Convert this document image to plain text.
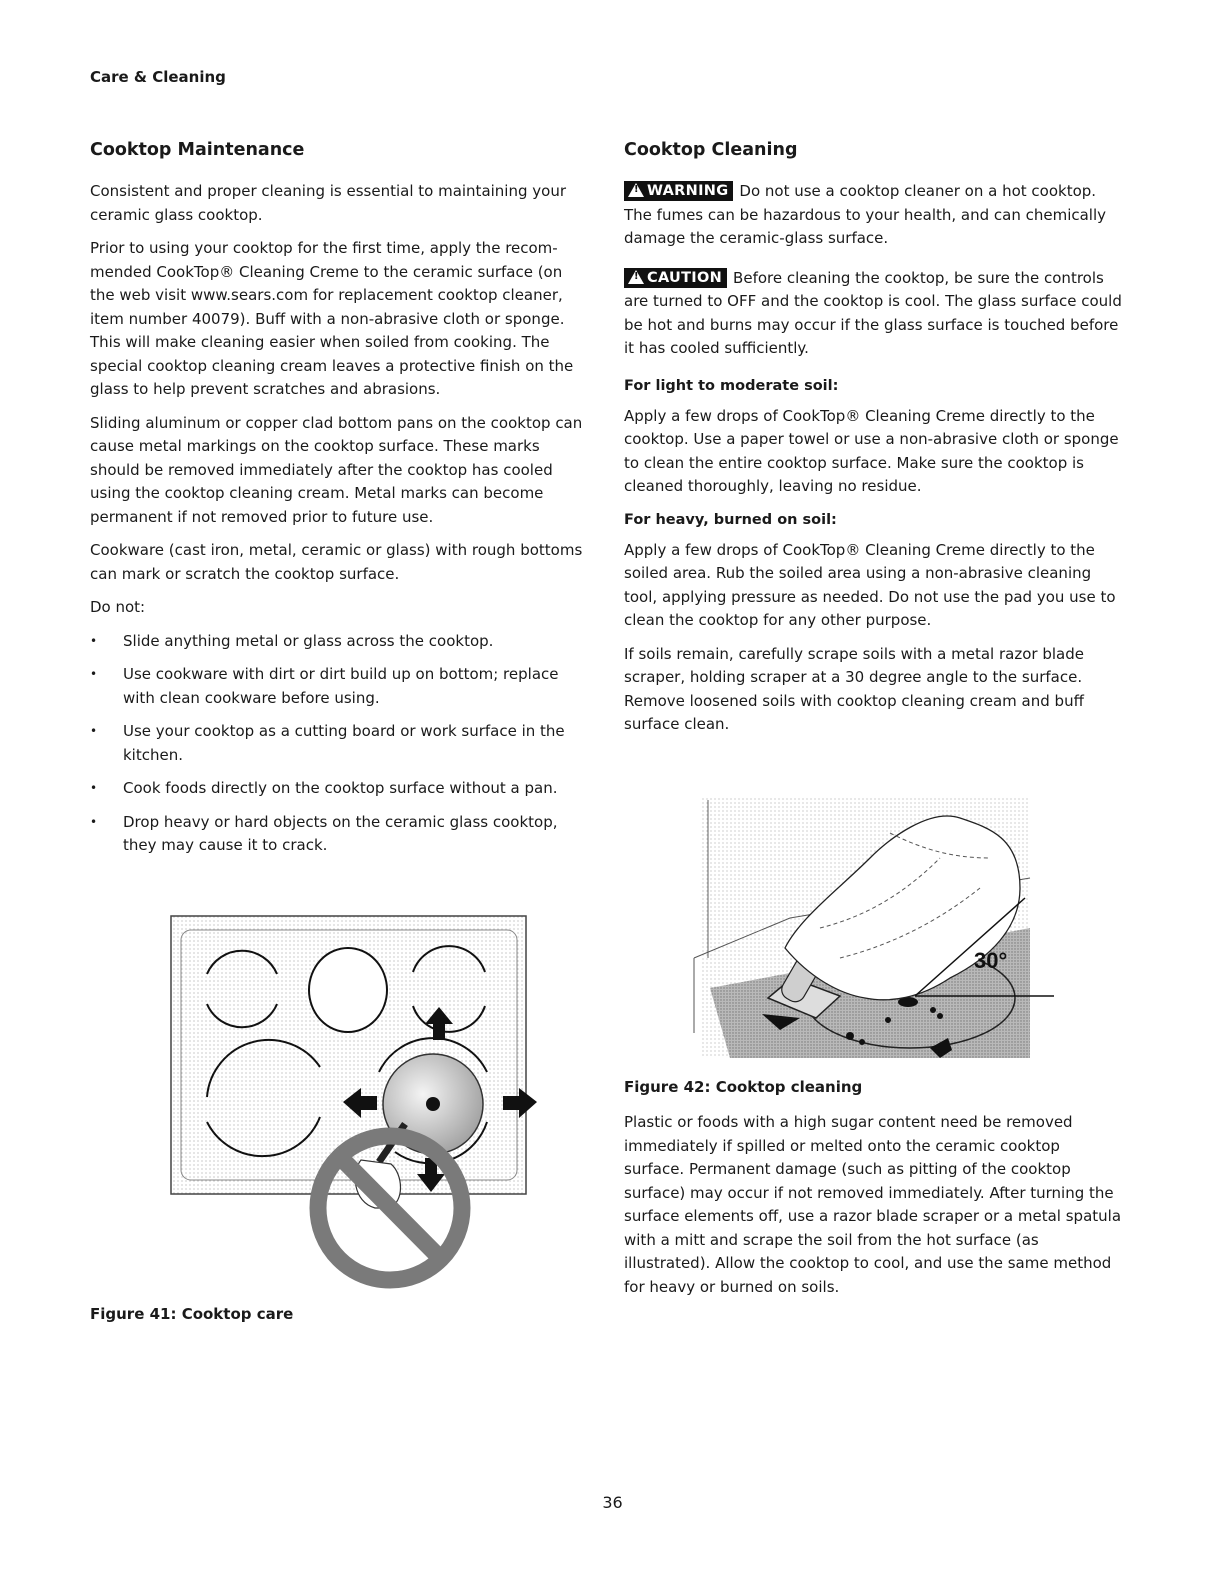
Care & Cleaning
Cooktop Maintenance

Consistent and proper cleaning is essential to maintaining your ceramic glass cooktop.

Prior to using your cooktop for the first time, apply the recom- mended CookTop® Cleaning Creme to the ceramic surface (on the web visit www.sears.com for replacement cooktop cleaner, item number 40079). Buff with a non-abrasive cloth or sponge. This will make cleaning easier when soiled from cooking. The special cooktop cleaning cream leaves a protective finish on the glass to help prevent scratches and abrasions.

Sliding aluminum or copper clad bottom pans on the cooktop can cause metal markings on the cooktop surface. These marks should be removed immediately after the cooktop has cooled using the cooktop cleaning cream. Metal marks can become permanent if not removed prior to future use.

Cookware (cast iron, metal, ceramic or glass) with rough bottoms can mark or scratch the cooktop surface.

Do not:

• Slide anything metal or glass across the cooktop.
• Use cookware with dirt or dirt build up on bottom; replace with clean cookware before using.
• Use your cooktop as a cutting board or work surface in the kitchen.
• Cook foods directly on the cooktop surface without a pan.
• Drop heavy or hard objects on the ceramic glass cooktop, they may cause it to crack.

Figure 41: Cooktop care

Cooktop Cleaning

!WARNING Do not use a cooktop cleaner on a hot cooktop. The fumes can be hazardous to your health, and can chemically damage the ceramic-glass surface.

!CAUTION Before cleaning the cooktop, be sure the controls are turned to OFF and the cooktop is cool. The glass surface could be hot and burns may occur if the glass surface is touched before it has cooled sufficiently.

For light to moderate soil:

Apply a few drops of CookTop® Cleaning Creme directly to the cooktop. Use a paper towel or use a non-abrasive cloth or sponge to clean the entire cooktop surface. Make sure the cooktop is cleaned thoroughly, leaving no residue.

For heavy, burned on soil:

Apply a few drops of CookTop® Cleaning Creme directly to the soiled area. Rub the soiled area using a non-abrasive cleaning tool, applying pressure as needed. Do not use the pad you use to clean the cooktop for any other purpose.

If soils remain, carefully scrape soils with a metal razor blade scraper, holding scraper at a 30 degree angle to the surface. Remove loosened soils with cooktop cleaning cream and buff surface clean.

30°

Figure 42: Cooktop cleaning

Plastic or foods with a high sugar content need be removed immediately if spilled or melted onto the ceramic cooktop surface. Permanent damage (such as pitting of the cooktop surface) may occur if not removed immediately. After turning the surface elements off, use a razor blade scraper or a metal spatula with a mitt and scrape the soil from the hot surface (as illustrated). Allow the cooktop to cool, and use the same method for heavy or burned on soils.

36
